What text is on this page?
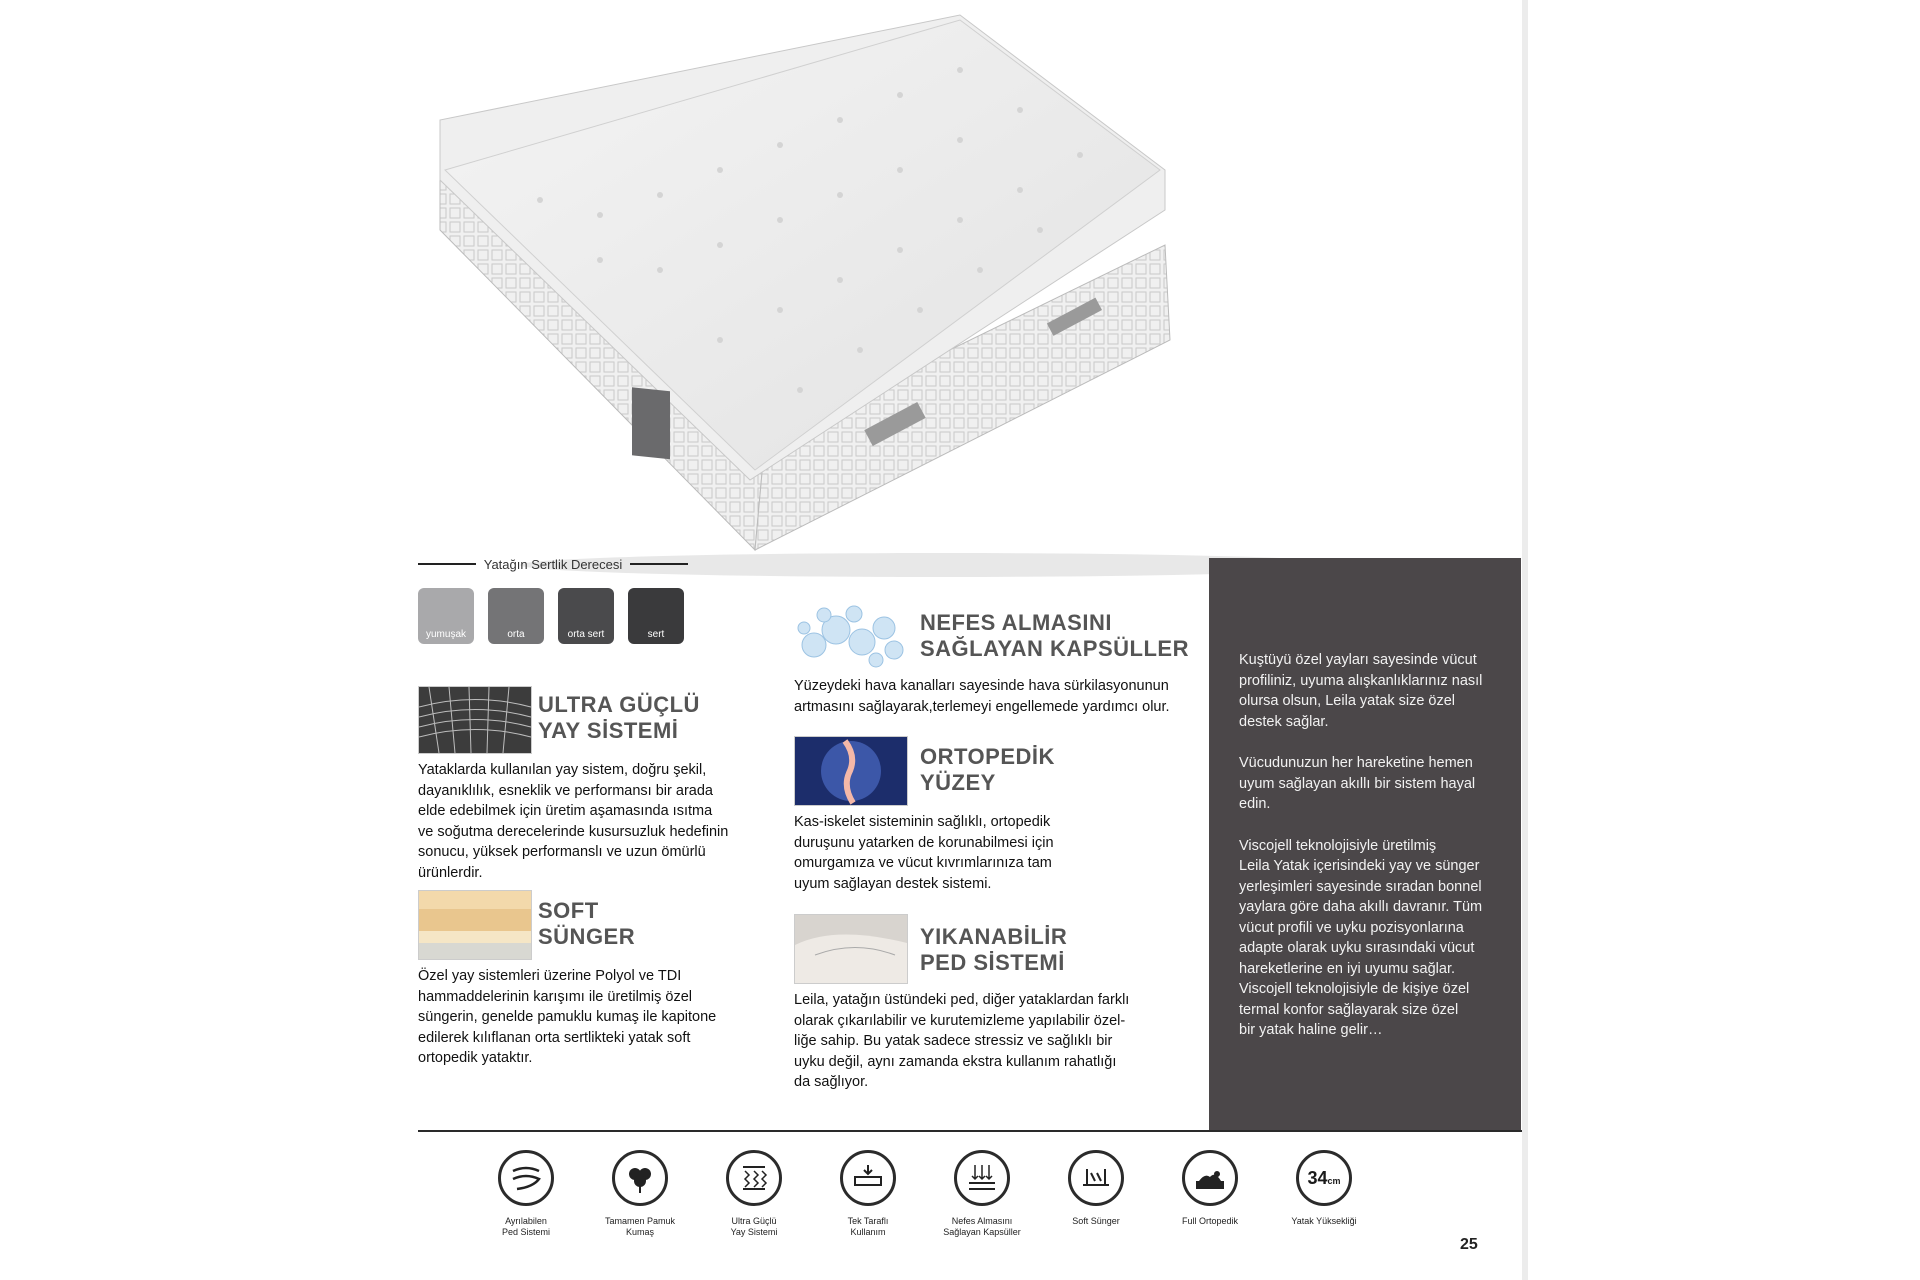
Yatağın Sertlik Derecesi
yumuşak	orta	orta sert	sert
ULTRA GÜÇLÜ
YAY SİSTEMİ
Yataklarda kullanılan yay sistem, doğru şekil,
dayanıklılık, esneklik ve performansı bir arada
elde edebilmek için üretim aşamasında ısıtma
ve soğutma derecelerinde kusursuzluk hedefinin
sonucu, yüksek performanslı ve uzun ömürlü
ürünlerdir.
SOFT
SÜNGER
Özel yay sistemleri üzerine Polyol ve TDI
hammaddelerinin karışımı ile üretilmiş özel
süngerin, genelde pamuklu kumaş ile kapitone
edilerek kılıflanan orta sertlikteki yatak soft
ortopedik yataktır.
NEFES ALMASINI
SAĞLAYAN KAPSÜLLER
Yüzeydeki hava kanalları sayesinde hava sürkilasyonunun
artmasını sağlayarak,terlemeyi engellemede yardımcı olur.
ORTOPEDİK
YÜZEY
Kas-iskelet sisteminin sağlıklı, ortopedik
duruşunu yatarken de korunabilmesi için
omurgamıza ve vücut kıvrımlarınıza tam
uyum sağlayan destek sistemi.
YIKANABİLİR
PED SİSTEMİ
Leila, yatağın üstündeki ped, diğer yataklardan farklı
olarak çıkarılabilir ve kurutemizleme yapılabilir özel-
liğe sahip. Bu yatak sadece stressiz ve sağlıklı bir
uyku değil, aynı zamanda ekstra kullanım rahatlığı
da sağlıyor.

Kuştüyü özel yayları sayesinde vücut
profiliniz, uyuma alışkanlıklarınız nasıl
olursa olsun, Leila yatak size özel
destek sağlar.

Vücudunuzun her hareketine hemen
uyum sağlayan akıllı bir sistem hayal
edin.

Viscojell teknolojisiyle üretilmiş
Leila Yatak içerisindeki yay ve sünger
yerleşimleri sayesinde sıradan bonnel
yaylara göre daha akıllı davranır. Tüm
vücut profili ve uyku pozisyonlarına
adapte olarak uyku sırasındaki vücut
hareketlerine en iyi uyumu sağlar.
Viscojell teknolojisiyle de kişiye özel
termal konfor sağlayarak size özel
bir yatak haline gelir…

Ayrılabilen
Ped Sistemi
Tamamen Pamuk
Kumaş
Ultra Güçlü
Yay Sistemi
Tek Taraflı
Kullanım
Nefes Almasını
Sağlayan Kapsüller
Soft Sünger	Full Ortopedik
34 cm
Yatak Yüksekliği
25
